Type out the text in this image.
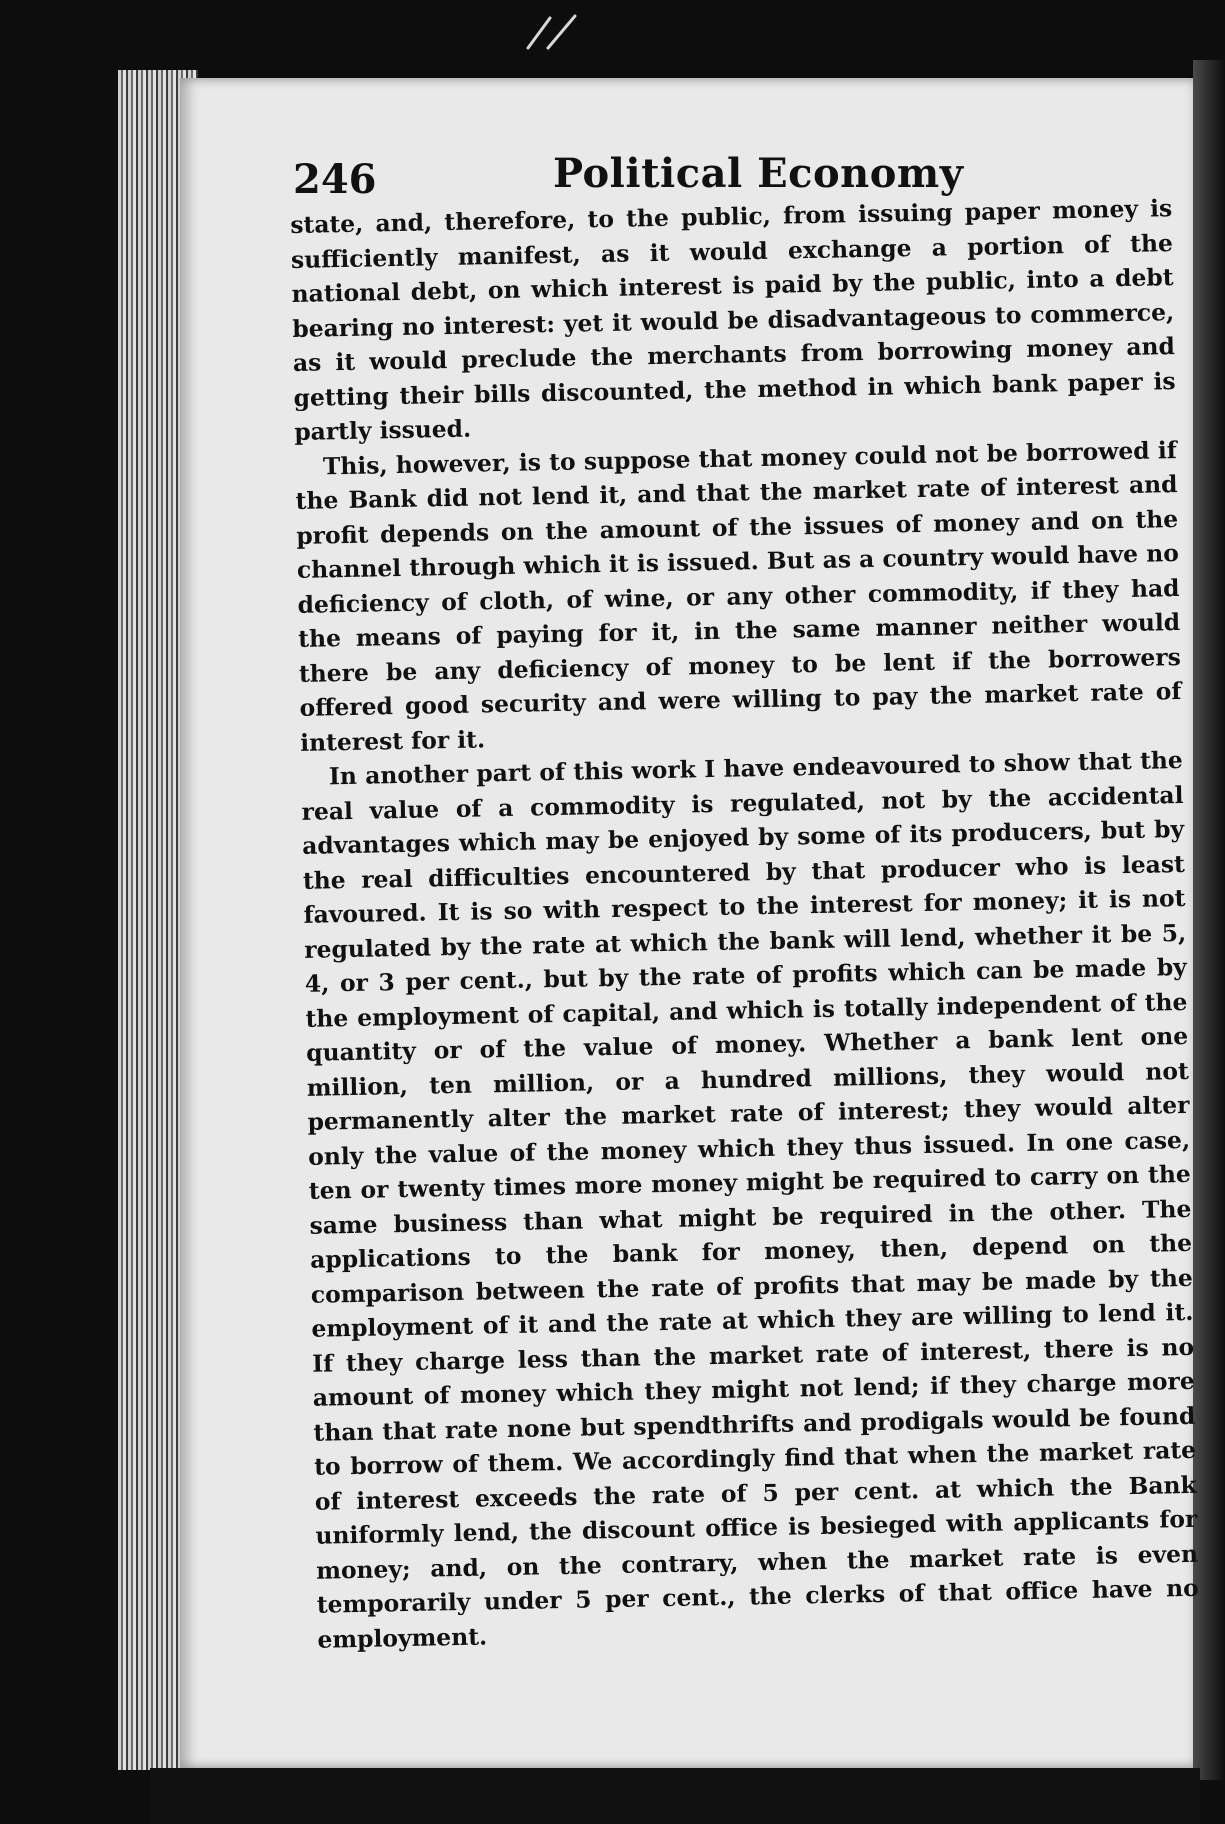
246	Political Economy

state, and, therefore, to the public, from issuing paper money is sufficiently manifest, as it would exchange a portion of the national debt, on which interest is paid by the public, into a debt bearing no interest: yet it would be disadvantageous to commerce, as it would preclude the merchants from borrowing money and getting their bills discounted, the method in which bank paper is partly issued.

This, however, is to suppose that money could not be borrowed if the Bank did not lend it, and that the market rate of interest and profit depends on the amount of the issues of money and on the channel through which it is issued. But as a country would have no deficiency of cloth, of wine, or any other commodity, if they had the means of paying for it, in the same manner neither would there be any deficiency of money to be lent if the borrowers offered good security and were willing to pay the market rate of interest for it.

In another part of this work I have endeavoured to show that the real value of a commodity is regulated, not by the accidental advantages which may be enjoyed by some of its producers, but by the real difficulties encountered by that producer who is least favoured. It is so with respect to the interest for money; it is not regulated by the rate at which the bank will lend, whether it be 5, 4, or 3 per cent., but by the rate of profits which can be made by the employment of capital, and which is totally independent of the quantity or of the value of money. Whether a bank lent one million, ten million, or a hundred millions, they would not permanently alter the market rate of interest; they would alter only the value of the money which they thus issued. In one case, ten or twenty times more money might be required to carry on the same business than what might be required in the other. The applications to the bank for money, then, depend on the comparison between the rate of profits that may be made by the employment of it and the rate at which they are willing to lend it. If they charge less than the market rate of interest, there is no amount of money which they might not lend; if they charge more than that rate none but spendthrifts and prodigals would be found to borrow of them. We accordingly find that when the market rate of interest exceeds the rate of 5 per cent. at which the Bank uniformly lend, the discount office is besieged with applicants for money; and, on the contrary, when the market rate is even temporarily under 5 per cent., the clerks of that office have no employment.
